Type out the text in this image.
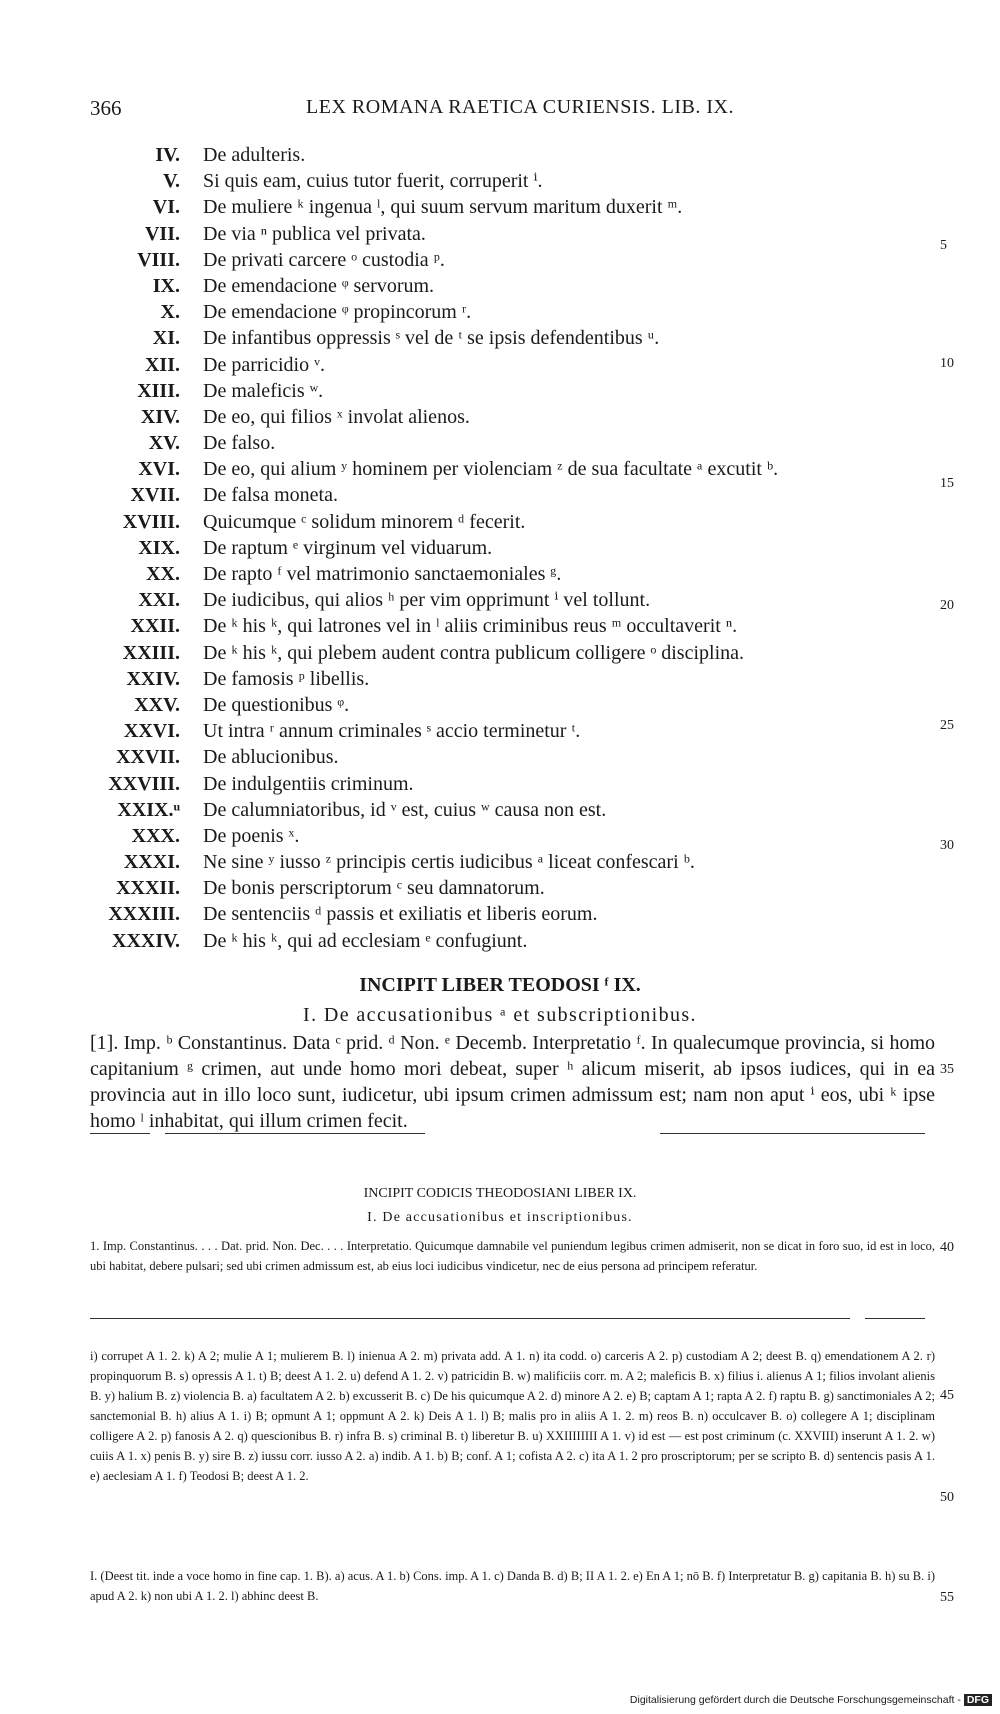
366	LEX ROMANA RAETICA CURIENSIS. LIB. IX.
IV. De adulteris.
V. Si quis eam, cuius tutor fuerit, corruperit ⁱ.
VI. De muliere ᵏ ingenua ˡ, qui suum servum maritum duxerit ᵐ.
VII. De via ⁿ publica vel privata.
VIII. De privati carcere ᵒ custodia ᵖ.
IX. De emendacione ᵠ servorum.
X. De emendacione ᵠ propincorum ʳ.
XI. De infantibus oppressis ˢ vel de ᵗ se ipsis defendentibus ᵘ.
XII. De parricidio ᵛ.
XIII. De maleficis ʷ.
XIV. De eo, qui filios ˣ involat alienos.
XV. De falso.
XVI. De eo, qui alium ʸ hominem per violenciam ᶻ de sua facultate ᵃ excutit ᵇ.
XVII. De falsa moneta.
XVIII. Quicumque ᶜ solidum minorem ᵈ fecerit.
XIX. De raptum ᵉ virginum vel viduarum.
XX. De rapto ᶠ vel matrimonio sanctaemoniales ᵍ.
XXI. De iudicibus, qui alios ʰ per vim opprimunt ⁱ vel tollunt.
XXII. De ᵏ his ᵏ, qui latrones vel in ˡ aliis criminibus reus ᵐ occultaverit ⁿ.
XXIII. De ᵏ his ᵏ, qui plebem audent contra publicum colligere ᵒ disciplina.
XXIV. De famosis ᵖ libellis.
XXV. De questionibus ᵠ.
XXVI. Ut intra ʳ annum criminales ˢ accio terminetur ᵗ.
XXVII. De ablucionibus.
XXVIII. De indulgentiis criminum.
XXIX.ᵘ De calumniatoribus, id ᵛ est, cuius ʷ causa non est.
XXX. De poenis ˣ.
XXXI. Ne sine ʸ iusso ᶻ principis certis iudicibus ᵃ liceat confescari ᵇ.
XXXII. De bonis perscriptorum ᶜ seu damnatorum.
XXXIII. De sentenciis ᵈ passis et exiliatis et liberis eorum.
XXXIV. De ᵏ his ᵏ, qui ad ecclesiam ᵉ confugiunt.
5
10
15
20
25
30
35
40
45
50
55
INCIPIT LIBER TEODOSI ᶠ IX.
I. De accusationibus ᵃ et subscriptionibus.
[1]. Imp. ᵇ Constantinus. Data ᶜ prid. ᵈ Non. ᵉ Decemb. Interpretatio ᶠ. In qualecumque provincia, si homo capitanium ᵍ crimen, aut unde homo mori debeat, super ʰ alicum miserit, ab ipsos iudices, qui in ea provincia aut in illo loco sunt, iudicetur, ubi ipsum crimen admissum est; nam non aput ⁱ eos, ubi ᵏ ipse homo ˡ inhabitat, qui illum crimen fecit.
INCIPIT CODICIS THEODOSIANI LIBER IX.
I. De accusationibus et inscriptionibus.
1. Imp. Constantinus. . . . Dat. prid. Non. Dec. . . . Interpretatio. Quicumque damnabile vel puniendum legibus crimen admiserit, non se dicat in foro suo, id est in loco, ubi habitat, debere pulsari; sed ubi crimen admissum est, ab eius loci iudicibus vindicetur, nec de eius persona ad principem referatur.
i) corrupet A 1. 2. k) A 2; mulie A 1; mulierem B. l) inienua A 2. m) privata add. A 1. n) ita codd. o) carceris A 2. p) custodiam A 2; deest B. q) emendationem A 2. r) propinquorum B. s) opressis A 1. t) B; deest A 1. 2. u) defend A 1. 2. v) patricidin B. w) malificiis corr. m. A 2; maleficis B. x) filius i. alienus A 1; filios involant alienis B. y) halium B. z) violencia B. a) facultatem A 2. b) excusserit B. c) De his quicumque A 2. d) minore A 2. e) B; captam A 1; rapta A 2. f) raptu B. g) sanctimoniales A 2; sanctemonial B. h) alius A 1. i) B; opmunt A 1; oppmunt A 2. k) Deis A 1. l) B; malis pro in aliis A 1. 2. m) reos B. n) occulcaver B. o) collegere A 1; disciplinam colligere A 2. p) fanosis A 2. q) quescionibus B. r) infra B. s) criminal B. t) liberetur B. u) XXIIIIIIII A 1. v) id est — est post criminum (c. XXVIII) inserunt A 1. 2. w) cuiis A 1. x) penis B. y) sire B. z) iussu corr. iusso A 2. a) indib. A 1. b) B; conf. A 1; cofista A 2. c) ita A 1. 2 pro proscriptorum; per se scripto B. d) sentencis pasis A 1. e) aeclesiam A 1. f) Teodosi B; deest A 1. 2.
I. (Deest tit. inde a voce homo in fine cap. 1. B). a) acus. A 1. b) Cons. imp. A 1. c) Danda B. d) B; II A 1. 2. e) En A 1; nō B. f) Interpretatur B. g) capitania B. h) su B. i) apud A 2. k) non ubi A 1. 2. l) abhinc deest B.
Digitalisierung gefördert durch die Deutsche Forschungsgemeinschaft - DFG
